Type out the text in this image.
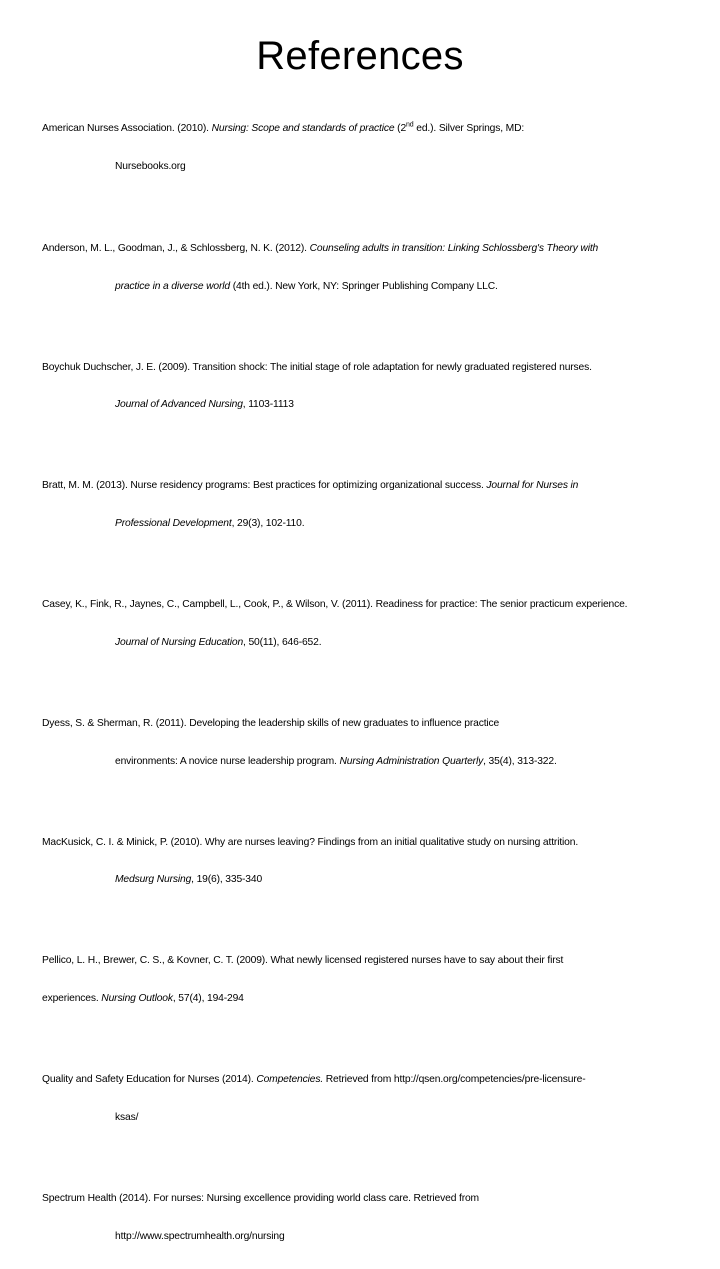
References

American Nurses Association. (2010). Nursing: Scope and standards of practice (2nd ed.). Silver Springs, MD:

Nursebooks.org

Anderson, M. L., Goodman, J., & Schlossberg, N. K. (2012). Counseling adults in transition: Linking Schlossberg's Theory with

practice in a diverse world (4th ed.). New York, NY: Springer Publishing Company LLC.

Boychuk Duchscher, J. E. (2009). Transition shock: The initial stage of role adaptation for newly graduated registered nurses.

Journal of Advanced Nursing, 1103-1113

Bratt, M. M. (2013). Nurse residency programs: Best practices for optimizing organizational success. Journal for Nurses in

Professional Development, 29(3), 102-110.

Casey, K., Fink, R., Jaynes, C., Campbell, L., Cook, P., & Wilson, V. (2011). Readiness for practice: The senior practicum experience.

Journal of Nursing Education, 50(11), 646-652.

Dyess, S. & Sherman, R. (2011). Developing the leadership skills of new graduates to influence practice

environments: A novice nurse leadership program. Nursing Administration Quarterly, 35(4), 313-322.

MacKusick, C. I. & Minick, P. (2010). Why are nurses leaving? Findings from an initial qualitative study on nursing attrition.

Medsurg Nursing, 19(6), 335-340

Pellico, L. H., Brewer, C. S., & Kovner, C. T. (2009). What newly licensed registered nurses have to say about their first

experiences. Nursing Outlook, 57(4), 194-294

Quality and Safety Education for Nurses (2014). Competencies. Retrieved from http://qsen.org/competencies/pre-licensure-

ksas/

Spectrum Health (2014). For nurses: Nursing excellence providing world class care. Retrieved from

http://www.spectrumhealth.org/nursing
